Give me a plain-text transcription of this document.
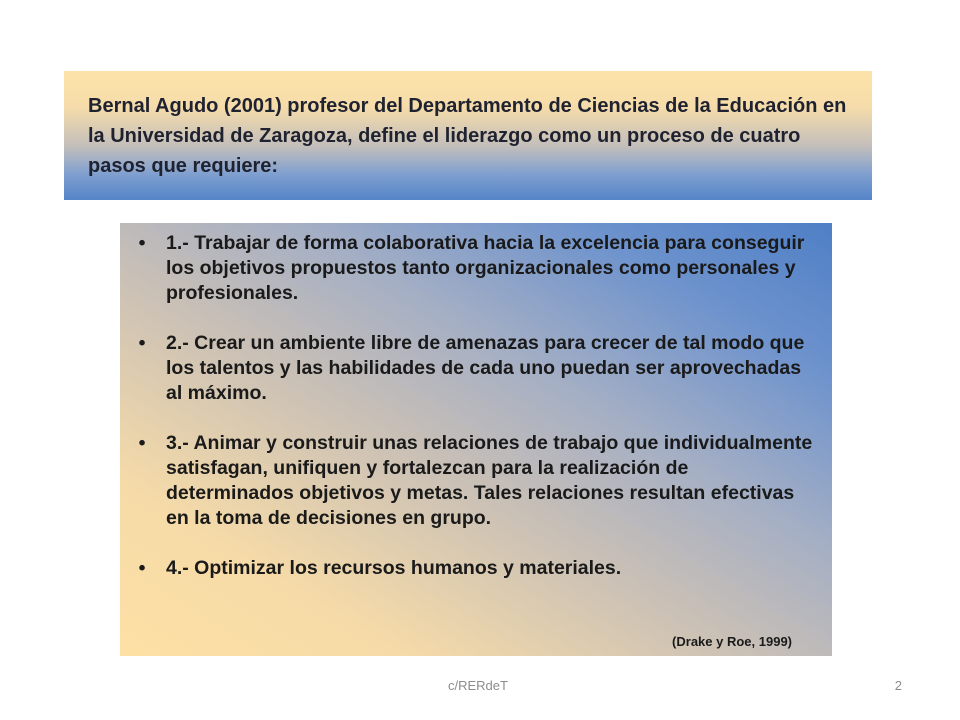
Bernal Agudo (2001) profesor del Departamento de Ciencias de la Educación en la Universidad de Zaragoza, define el liderazgo como un proceso de cuatro pasos que requiere:

•	1.- Trabajar de forma colaborativa hacia la excelencia para conseguir los objetivos propuestos tanto organizacionales como personales y profesionales.
•	2.- Crear un ambiente libre de amenazas para crecer de tal modo que los talentos y las habilidades de cada uno puedan ser aprovechadas al máximo.
•	3.- Animar y construir unas relaciones de trabajo que individualmente satisfagan, unifiquen y fortalezcan para la realización de determinados objetivos y metas. Tales relaciones resultan efectivas en la toma de decisiones en grupo.
•	4.- Optimizar los recursos humanos y materiales.
(Drake y Roe, 1999)
c/RERdeT	2
